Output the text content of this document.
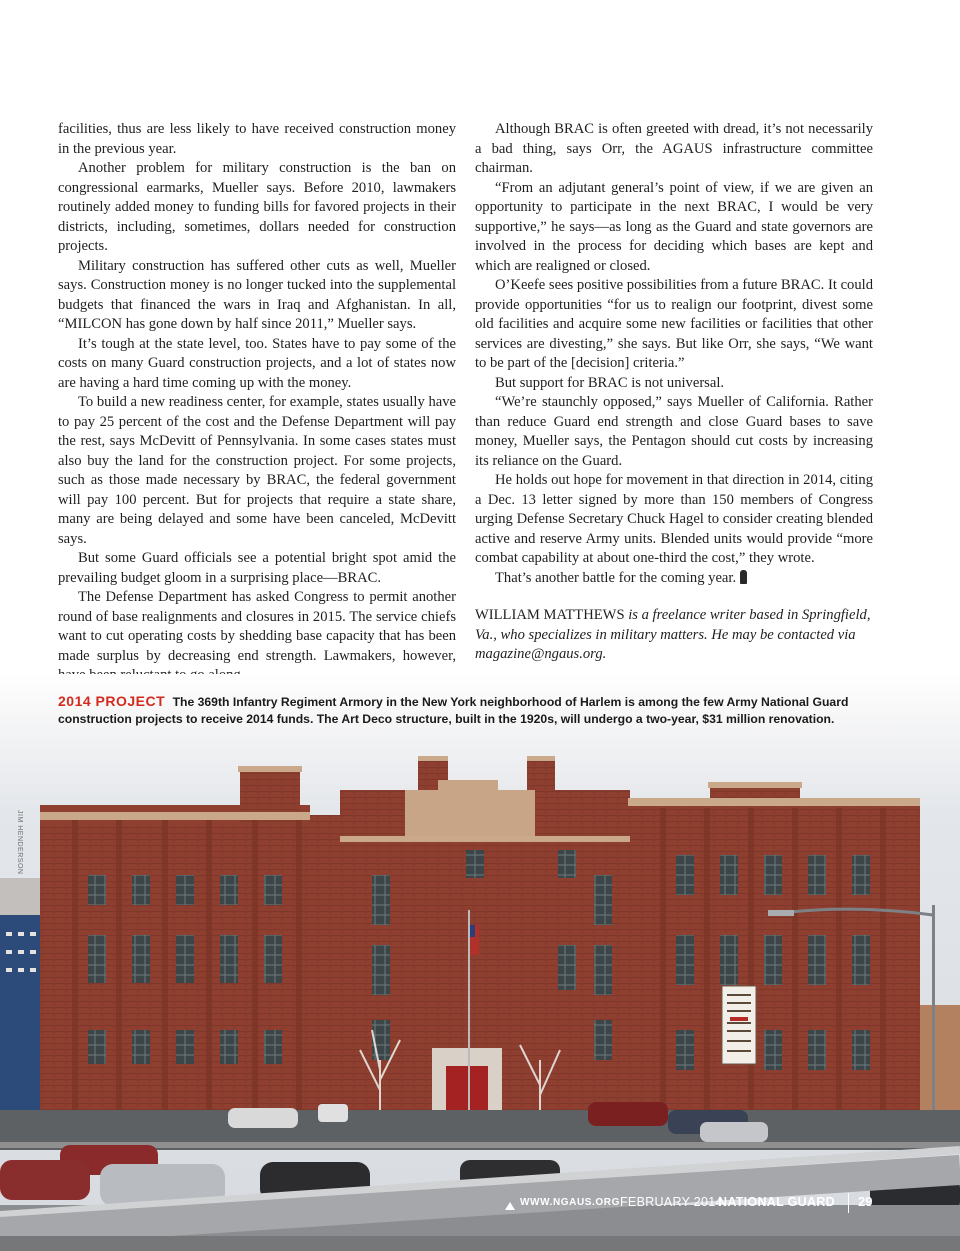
facilities, thus are less likely to have received construction money in the previous year.

Another problem for military construction is the ban on congressional earmarks, Mueller says. Before 2010, lawmakers routinely added money to funding bills for favored projects in their districts, including, sometimes, dollars needed for construction projects.

Military construction has suffered other cuts as well, Mueller says. Construction money is no longer tucked into the supplemental budgets that financed the wars in Iraq and Afghanistan. In all, “MILCON has gone down by half since 2011,” Mueller says.

It’s tough at the state level, too. States have to pay some of the costs on many Guard construction projects, and a lot of states now are having a hard time coming up with the money.

To build a new readiness center, for example, states usually have to pay 25 percent of the cost and the Defense Department will pay the rest, says McDevitt of Pennsylvania. In some cases states must also buy the land for the construction project. For some projects, such as those made necessary by BRAC, the federal government will pay 100 percent. But for projects that require a state share, many are being delayed and some have been canceled, McDevitt says.

But some Guard officials see a potential bright spot amid the prevailing budget gloom in a surprising place—BRAC.

The Defense Department has asked Congress to permit another round of base realignments and closures in 2015. The service chiefs want to cut operating costs by shedding base capacity that has been made surplus by decreasing end strength. Lawmakers, however,

Although BRAC is often greeted with dread, it’s not necessarily a bad thing, says Orr, the AGAUS infrastructure committee chairman.

“From an adjutant general’s point of view, if we are given an opportunity to participate in the next BRAC, I would be very supportive,” he says—as long as the Guard and state governors are involved in the process for deciding which bases are kept and which are realigned or closed.

O’Keefe sees positive possibilities from a future BRAC. It could provide opportunities “for us to realign our footprint, divest some old facilities and acquire some new facilities or facilities that other services are divesting,” she says. But like Orr, she says, “We want to be part of the [decision] criteria.”

But support for BRAC is not universal.

“We’re staunchly opposed,” says Mueller of California. Rather than reduce Guard end strength and close Guard bases to save money, Mueller says, the Pentagon should cut costs by increasing its reliance on the Guard.

He holds out hope for movement in that direction in 2014, citing a Dec. 13 letter signed by more than 150 members of Congress urging Defense Secretary Chuck Hagel to consider creating blended active and reserve Army units. Blended units would provide “more combat capability at about one-third the cost,” they wrote.

That’s another battle for the coming year.

WILLIAM MATTHEWS is a freelance writer based in Springfield, Va., who specializes in military matters. He may be contacted via magazine@ngaus.org.

2014 PROJECT The 369th Infantry Regiment Armory in the New York neighborhood of Harlem is among the few Army National Guard construction projects to receive 2014 funds. The Art Deco structure, built in the 1920s, will undergo a two-year, $31 million renovation.
JIM HENDERSON
WWW.NGAUS.ORG FEBRUARY 2014
NATIONAL GUARD 29
